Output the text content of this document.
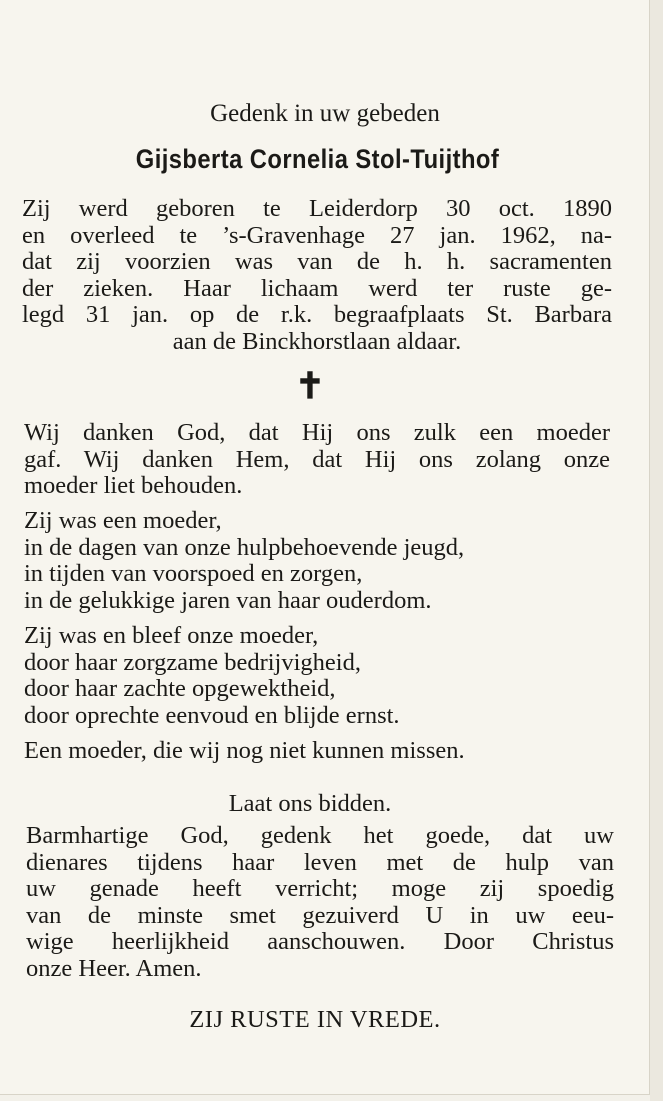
Gedenk in uw gebeden
Gijsberta Cornelia Stol-Tuijthof
Zij werd geboren te Leiderdorp 30 oct. 1890
en overleed te ’s-Gravenhage 27 jan. 1962, na-
dat zij voorzien was van de h. h. sacramenten
der zieken. Haar lichaam werd ter ruste ge-
legd 31 jan. op de r.k. begraafplaats St. Barbara
aan de Binckhorstlaan aldaar.
✝
Wij danken God, dat Hij ons zulk een moeder
gaf. Wij danken Hem, dat Hij ons zolang onze
moeder liet behouden.
Zij was een moeder,
in de dagen van onze hulpbehoevende jeugd,
in tijden van voorspoed en zorgen,
in de gelukkige jaren van haar ouderdom.
Zij was en bleef onze moeder,
door haar zorgzame bedrijvigheid,
door haar zachte opgewektheid,
door oprechte eenvoud en blijde ernst.
Een moeder, die wij nog niet kunnen missen.
Laat ons bidden.
Barmhartige God, gedenk het goede, dat uw
dienares tijdens haar leven met de hulp van
uw genade heeft verricht; moge zij spoedig
van de minste smet gezuiverd U in uw eeu-
wige heerlijkheid aanschouwen. Door Christus
onze Heer. Amen.
ZIJ RUSTE IN VREDE.
